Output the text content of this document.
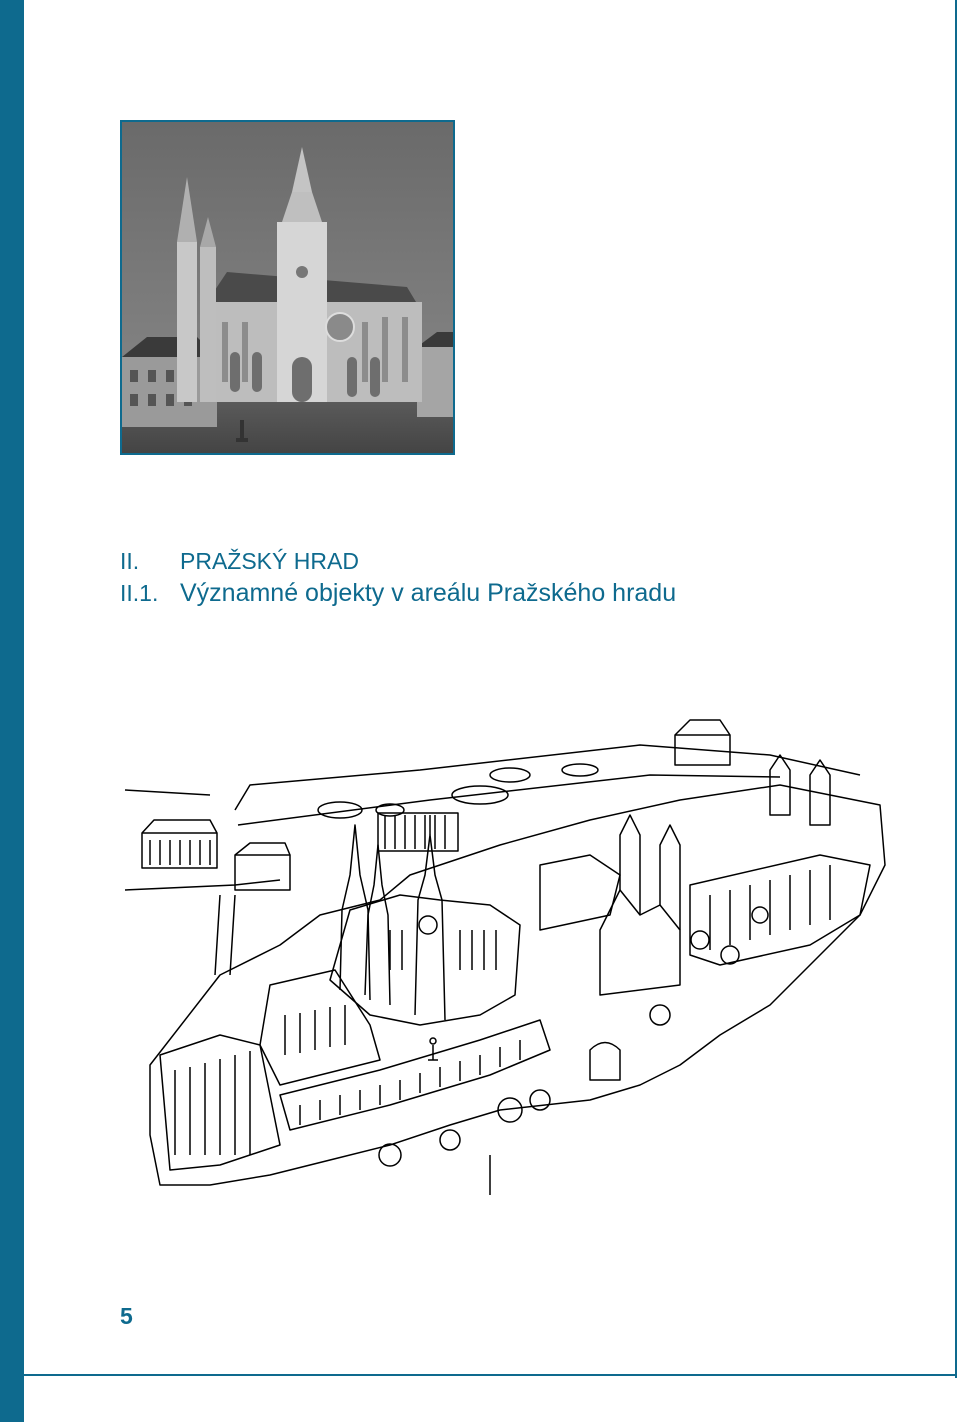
II.	PRAŽSKÝ HRAD
II.1. Významné objekty v areálu Pražského hradu
5
